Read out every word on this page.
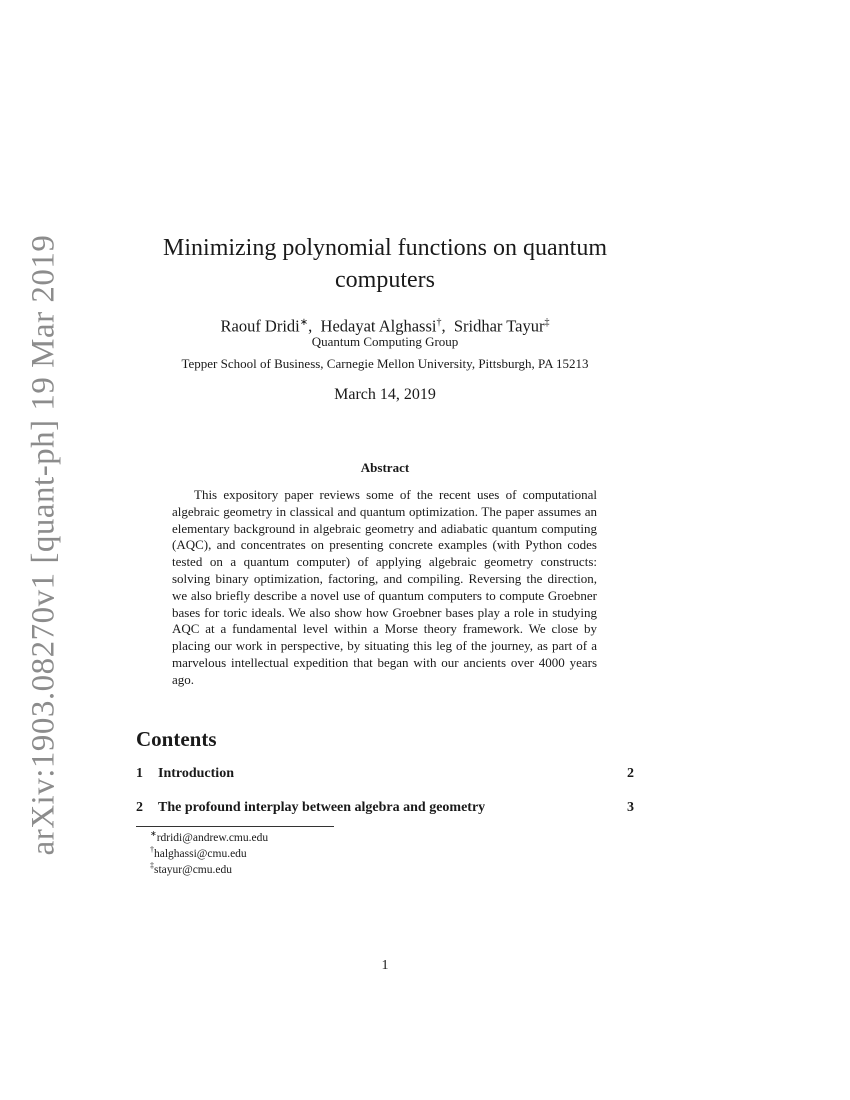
arXiv:1903.08270v1 [quant-ph] 19 Mar 2019	Minimizing polynomial functions on quantum
computers
Raouf Dridi∗,  Hedayat Alghassi†,  Sridhar Tayur‡
Quantum Computing Group
Tepper School of Business, Carnegie Mellon University, Pittsburgh, PA 15213
March 14, 2019
Abstract

This expository paper reviews some of the recent uses of computational algebraic geometry in classical and quantum optimization. The paper assumes an elementary background in algebraic geometry and adiabatic quantum computing (AQC), and concentrates on presenting concrete examples (with Python codes tested on a quantum computer) of applying algebraic geometry constructs: solving binary optimization, factoring, and compiling. Reversing the direction, we also briefly describe a novel use of quantum computers to compute Groebner bases for toric ideals. We also show how Groebner bases play a role in studying AQC at a fundamental level within a Morse theory framework. We close by placing our work in perspective, by situating this leg of the journey, as part of a marvelous intellectual expedition that began with our ancients over 4000 years ago.

Contents
1	Introduction	2
2	The profound interplay between algebra and geometry	3
∗rdridi@andrew.cmu.edu
†halghassi@cmu.edu
‡stayur@cmu.edu
1
